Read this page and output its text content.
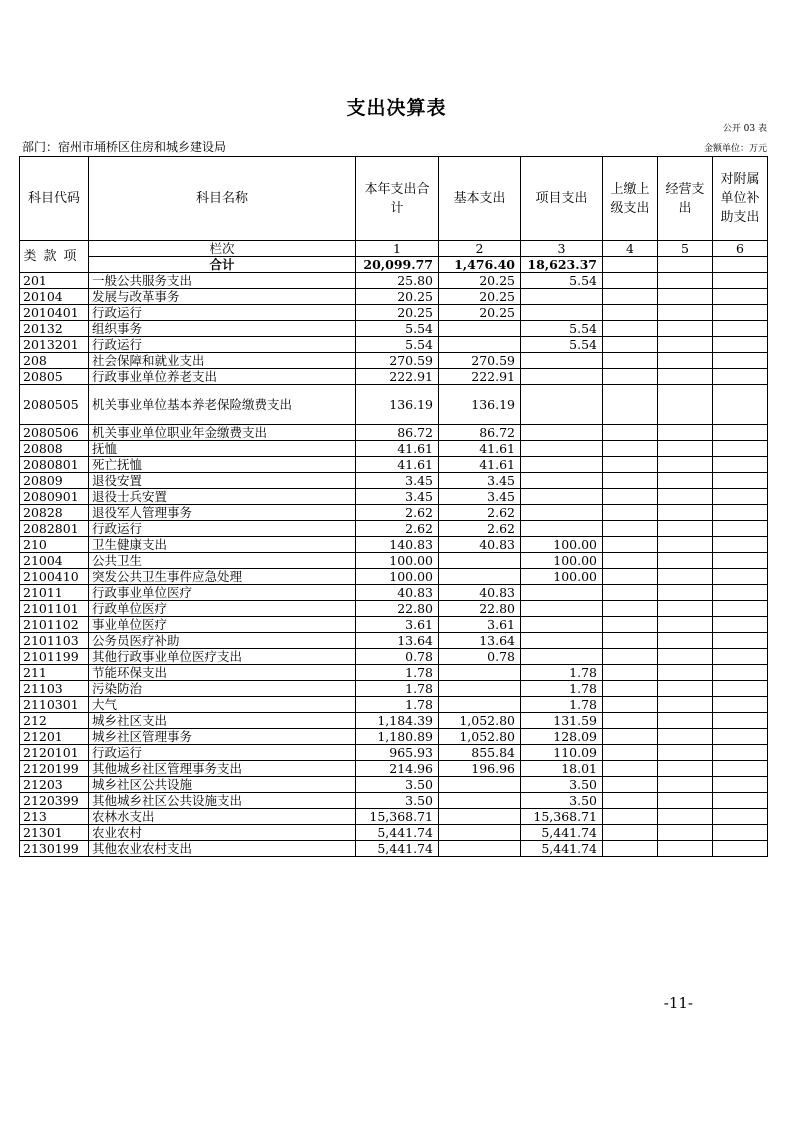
支出决算表
公开 03 表
部门：宿州市埇桥区住房和城乡建设局	金额单位：万元
科目代码	科目名称	本年支出合计	基本支出	项目支出	上缴上级支出	经营支出	对附属单位补助支出
类 款 项	栏次	1	2	3	4	5	6
	合计	20,099.77	1,476.40	18,623.37			
201	一般公共服务支出	25.80	20.25	5.54			
20104	发展与改革事务	20.25	20.25				
2010401	行政运行	20.25	20.25				
20132	组织事务	5.54		5.54			
2013201	行政运行	5.54		5.54			
208	社会保障和就业支出	270.59	270.59				
20805	行政事业单位养老支出	222.91	222.91				
2080505	机关事业单位基本养老保险缴费支出	136.19	136.19				
2080506	机关事业单位职业年金缴费支出	86.72	86.72				
20808	抚恤	41.61	41.61				
2080801	死亡抚恤	41.61	41.61				
20809	退役安置	3.45	3.45				
2080901	退役士兵安置	3.45	3.45				
20828	退役军人管理事务	2.62	2.62				
2082801	行政运行	2.62	2.62				
210	卫生健康支出	140.83	40.83	100.00			
21004	公共卫生	100.00		100.00			
2100410	突发公共卫生事件应急处理	100.00		100.00			
21011	行政事业单位医疗	40.83	40.83				
2101101	行政单位医疗	22.80	22.80				
2101102	事业单位医疗	3.61	3.61				
2101103	公务员医疗补助	13.64	13.64				
2101199	其他行政事业单位医疗支出	0.78	0.78				
211	节能环保支出	1.78		1.78			
21103	污染防治	1.78		1.78			
2110301	大气	1.78		1.78			
212	城乡社区支出	1,184.39	1,052.80	131.59			
21201	城乡社区管理事务	1,180.89	1,052.80	128.09			
2120101	行政运行	965.93	855.84	110.09			
2120199	其他城乡社区管理事务支出	214.96	196.96	18.01			
21203	城乡社区公共设施	3.50		3.50			
2120399	其他城乡社区公共设施支出	3.50		3.50			
213	农林水支出	15,368.71		15,368.71			
21301	农业农村	5,441.74		5,441.74			
2130199	其他农业农村支出	5,441.74		5,441.74			
-11-
